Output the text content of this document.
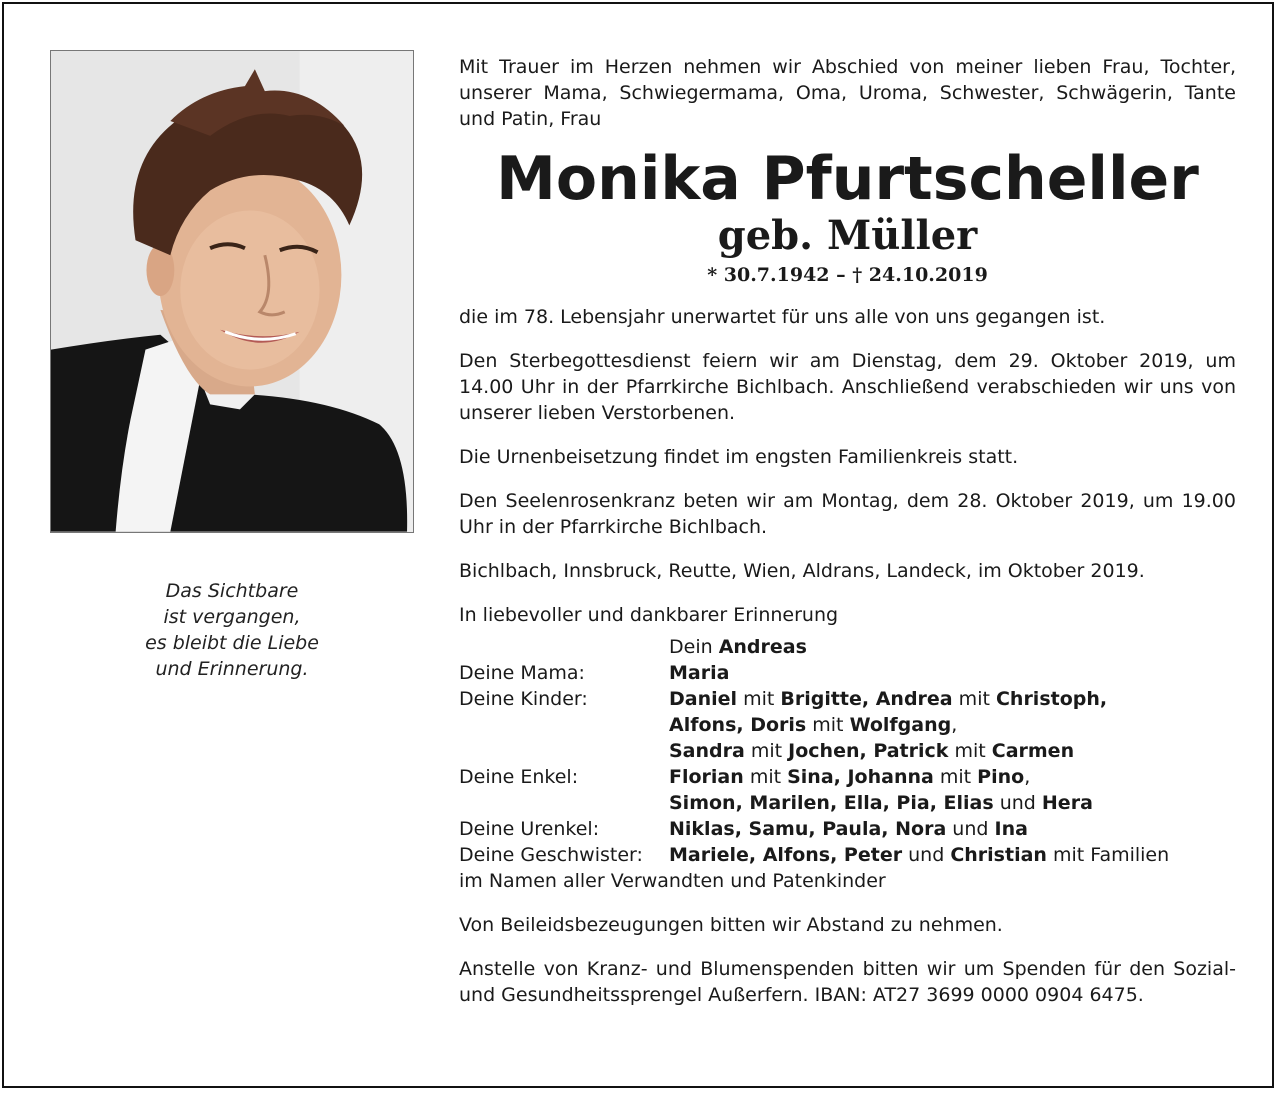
Das Sichtbare
ist vergangen,
es bleibt die Liebe
und Erinnerung.
Mit Trauer im Herzen nehmen wir Abschied von meiner lieben Frau, Tochter, unserer Mama, Schwiegermama, Oma, Uroma, Schwester, Schwägerin, Tante und Patin, Frau
Monika Pfurtscheller
geb. Müller
* 30.7.1942 – † 24.10.2019
die im 78. Lebensjahr unerwartet für uns alle von uns gegangen ist.
Den Sterbegottesdienst feiern wir am Dienstag, dem 29. Oktober 2019, um 14.00 Uhr in der Pfarrkirche Bichlbach. Anschließend verabschieden wir uns von unserer lieben Verstorbenen.
Die Urnenbeisetzung findet im engsten Familienkreis statt.
Den Seelenrosenkranz beten wir am Montag, dem 28. Oktober 2019, um 19.00 Uhr in der Pfarrkirche Bichlbach.
Bichlbach, Innsbruck, Reutte, Wien, Aldrans, Landeck, im Oktober 2019.
In liebevoller und dankbarer Erinnerung
Dein Andreas
Deine Mama:	Maria
Deine Kinder:	Daniel mit Brigitte, Andrea mit Christoph,
Alfons, Doris mit Wolfgang,
Sandra mit Jochen, Patrick mit Carmen
Deine Enkel:	Florian mit Sina, Johanna mit Pino,
Simon, Marilen, Ella, Pia, Elias und Hera
Deine Urenkel:	Niklas, Samu, Paula, Nora und Ina
Deine Geschwister:	Mariele, Alfons, Peter und Christian mit Familien
im Namen aller Verwandten und Patenkinder
Von Beileidsbezeugungen bitten wir Abstand zu nehmen.
Anstelle von Kranz- und Blumenspenden bitten wir um Spenden für den Sozial- und Gesundheitssprengel Außerfern. IBAN: AT27 3699 0000 0904 6475.
